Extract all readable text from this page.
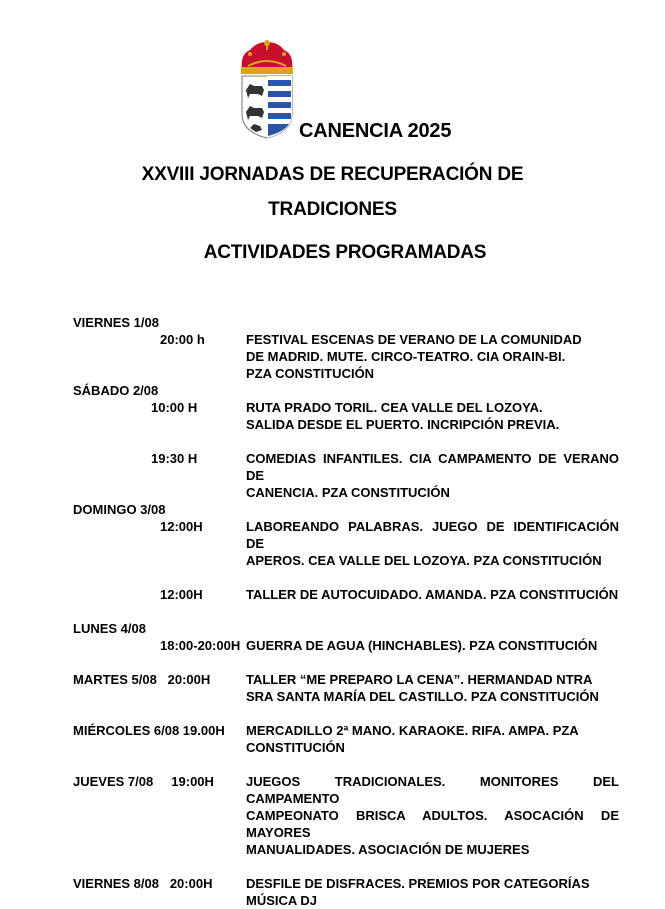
CANENCIA 2025
XXVIII JORNADAS DE RECUPERACIÓN DE
TRADICIONES
ACTIVIDADES PROGRAMADAS
VIERNES 1/08
20:00 h	FESTIVAL ESCENAS DE VERANO DE LA COMUNIDAD
DE MADRID. MUTE. CIRCO-TEATRO. CIA ORAIN-BI.
PZA CONSTITUCIÓN
SÁBADO 2/08
10:00 H	RUTA PRADO TORIL. CEA VALLE DEL LOZOYA.
SALIDA DESDE EL PUERTO. INCRIPCIÓN PREVIA.
19:30 H	COMEDIAS INFANTILES. CIA CAMPAMENTO DE VERANO DE
CANENCIA. PZA CONSTITUCIÓN
DOMINGO 3/08
12:00H	LABOREANDO PALABRAS. JUEGO DE IDENTIFICACIÓN DE
APEROS. CEA VALLE DEL LOZOYA. PZA CONSTITUCIÓN
12:00H	TALLER DE AUTOCUIDADO. AMANDA. PZA CONSTITUCIÓN
LUNES 4/08
18:00-20:00H GUERRA DE AGUA (HINCHABLES). PZA CONSTITUCIÓN
MARTES 5/08   20:00H	TALLER “ME PREPARO LA CENA”. HERMANDAD NTRA
SRA SANTA MARÍA DEL CASTILLO. PZA CONSTITUCIÓN
MIÉRCOLES 6/08 19.00H	MERCADILLO 2ª MANO. KARAOKE. RIFA. AMPA. PZA
CONSTITUCIÓN
JUEVES 7/08     19:00H	JUEGOS TRADICIONALES. MONITORES DEL CAMPAMENTO
CAMPEONATO BRISCA ADULTOS. ASOCACIÓN DE MAYORES
MANUALIDADES. ASOCIACIÓN DE MUJERES
VIERNES 8/08   20:00H	DESFILE DE DISFRACES. PREMIOS POR CATEGORÍAS
MÚSICA DJ
